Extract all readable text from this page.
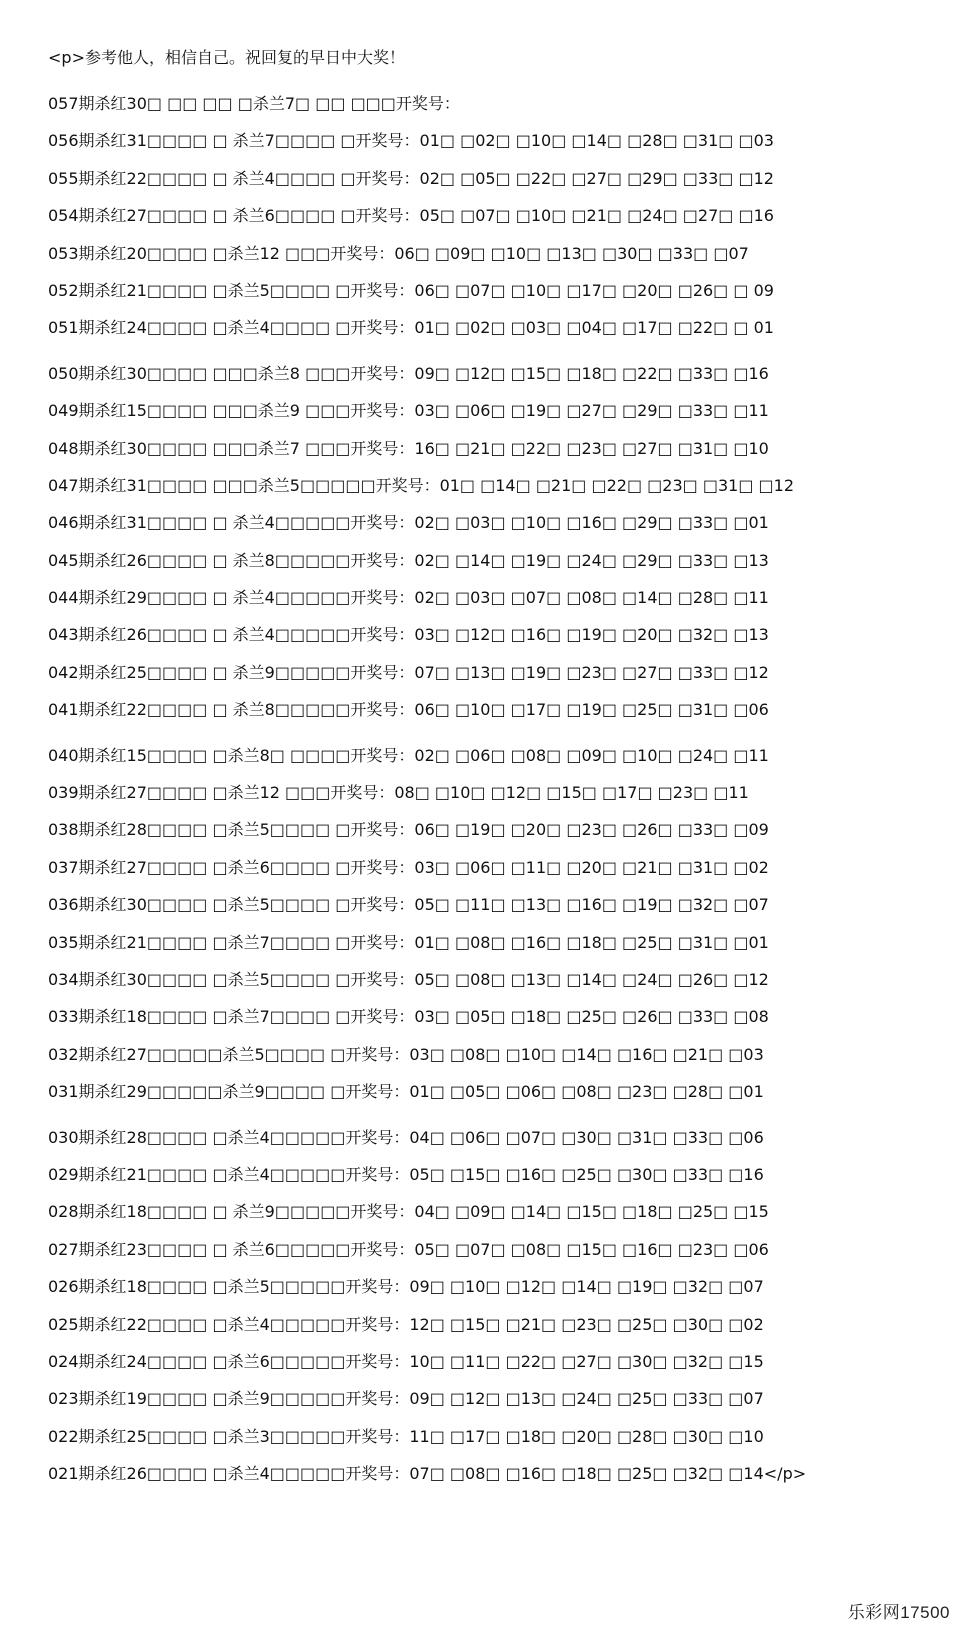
<p>参考他人，相信自己。祝回复的早日中大奖！
057期杀红30□ □□ □□ □杀兰7□ □□ □□□开奖号：
056期杀红31□□□□ □ 杀兰7□□□□ □开奖号：01□ □02□ □10□ □14□ □28□ □31□ □03
055期杀红22□□□□ □ 杀兰4□□□□ □开奖号：02□ □05□ □22□ □27□ □29□ □33□ □12
054期杀红27□□□□ □ 杀兰6□□□□ □开奖号：05□ □07□ □10□ □21□ □24□ □27□ □16
053期杀红20□□□□ □杀兰12 □□□开奖号：06□ □09□ □10□ □13□ □30□ □33□ □07
052期杀红21□□□□ □杀兰5□□□□ □开奖号：06□ □07□ □10□ □17□ □20□ □26□ □ 09
051期杀红24□□□□ □杀兰4□□□□ □开奖号：01□ □02□ □03□ □04□ □17□ □22□ □ 01
050期杀红30□□□□ □□□杀兰8 □□□开奖号：09□ □12□ □15□ □18□ □22□ □33□ □16
049期杀红15□□□□ □□□杀兰9 □□□开奖号：03□ □06□ □19□ □27□ □29□ □33□ □11
048期杀红30□□□□ □□□杀兰7 □□□开奖号：16□ □21□ □22□ □23□ □27□ □31□ □10
047期杀红31□□□□ □□□杀兰5□□□□□开奖号：01□ □14□ □21□ □22□ □23□ □31□ □12
046期杀红31□□□□ □ 杀兰4□□□□□开奖号：02□ □03□ □10□ □16□ □29□ □33□ □01
045期杀红26□□□□ □ 杀兰8□□□□□开奖号：02□ □14□ □19□ □24□ □29□ □33□ □13
044期杀红29□□□□ □ 杀兰4□□□□□开奖号：02□ □03□ □07□ □08□ □14□ □28□ □11
043期杀红26□□□□ □ 杀兰4□□□□□开奖号：03□ □12□ □16□ □19□ □20□ □32□ □13
042期杀红25□□□□ □ 杀兰9□□□□□开奖号：07□ □13□ □19□ □23□ □27□ □33□ □12
041期杀红22□□□□ □ 杀兰8□□□□□开奖号：06□ □10□ □17□ □19□ □25□ □31□ □06
040期杀红15□□□□ □杀兰8□ □□□□开奖号：02□ □06□ □08□ □09□ □10□ □24□ □11
039期杀红27□□□□ □杀兰12 □□□开奖号：08□ □10□ □12□ □15□ □17□ □23□ □11
038期杀红28□□□□ □杀兰5□□□□ □开奖号：06□ □19□ □20□ □23□ □26□ □33□ □09
037期杀红27□□□□ □杀兰6□□□□ □开奖号：03□ □06□ □11□ □20□ □21□ □31□ □02
036期杀红30□□□□ □杀兰5□□□□ □开奖号：05□ □11□ □13□ □16□ □19□ □32□ □07
035期杀红21□□□□ □杀兰7□□□□ □开奖号：01□ □08□ □16□ □18□ □25□ □31□ □01
034期杀红30□□□□ □杀兰5□□□□ □开奖号：05□ □08□ □13□ □14□ □24□ □26□ □12
033期杀红18□□□□ □杀兰7□□□□ □开奖号：03□ □05□ □18□ □25□ □26□ □33□ □08
032期杀红27□□□□□杀兰5□□□□ □开奖号：03□ □08□ □10□ □14□ □16□ □21□ □03
031期杀红29□□□□□杀兰9□□□□ □开奖号：01□ □05□ □06□ □08□ □23□ □28□ □01
030期杀红28□□□□ □杀兰4□□□□□开奖号：04□ □06□ □07□ □30□ □31□ □33□ □06
029期杀红21□□□□ □杀兰4□□□□□开奖号：05□ □15□ □16□ □25□ □30□ □33□ □16
028期杀红18□□□□ □ 杀兰9□□□□□开奖号：04□ □09□ □14□ □15□ □18□ □25□ □15
027期杀红23□□□□ □ 杀兰6□□□□□开奖号：05□ □07□ □08□ □15□ □16□ □23□ □06
026期杀红18□□□□ □杀兰5□□□□□开奖号：09□ □10□ □12□ □14□ □19□ □32□ □07
025期杀红22□□□□ □杀兰4□□□□□开奖号：12□ □15□ □21□ □23□ □25□ □30□ □02
024期杀红24□□□□ □杀兰6□□□□□开奖号：10□ □11□ □22□ □27□ □30□ □32□ □15
023期杀红19□□□□ □杀兰9□□□□□开奖号：09□ □12□ □13□ □24□ □25□ □33□ □07
022期杀红25□□□□ □杀兰3□□□□□开奖号：11□ □17□ □18□ □20□ □28□ □30□ □10
021期杀红26□□□□ □杀兰4□□□□□开奖号：07□ □08□ □16□ □18□ □25□ □32□ □14</p>
乐彩网17500
